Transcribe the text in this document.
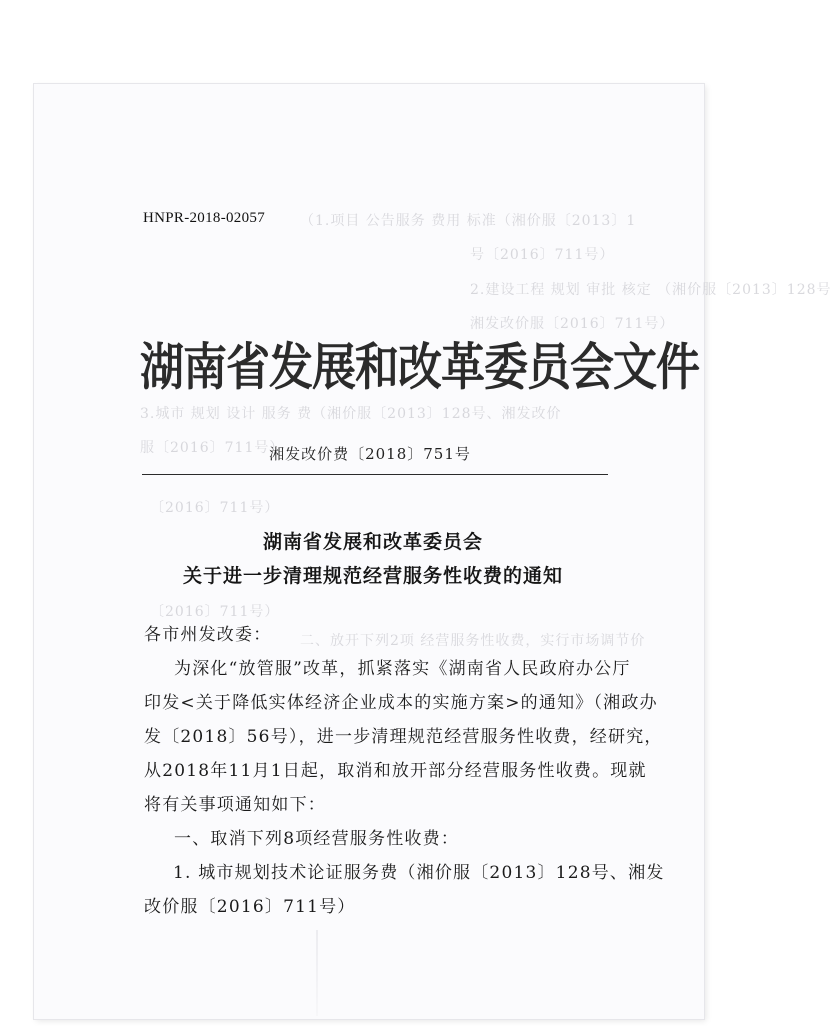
（1.项目 公告服务 费用 标准（湘价服〔2013〕1
号〔2016〕711号）
2.建设工程 规划 审批 核定 （湘价服〔2013〕128号
湘发改价服〔2016〕711号）
3.城市 规划 设计 服务 费（湘价服〔2013〕128号、湘发改价
服〔2016〕711号）
〔2016〕711号）
〔2016〕711号）
二、放开下列2项 经营服务性收费，实行市场调节价
HNPR-2018-02057
湖南省发展和改革委员会文件
湘发改价费〔2018〕751号
湖南省发展和改革委员会
关于进一步清理规范经营服务性收费的通知
各市州发改委：
为深化“放管服”改革，抓紧落实《湖南省人民政府办公厅
印发<关于降低实体经济企业成本的实施方案>的通知》（湘政办
发〔2018〕56号），进一步清理规范经营服务性收费，经研究，
从2018年11月1日起，取消和放开部分经营服务性收费。现就
将有关事项通知如下：
一、取消下列8项经营服务性收费：
1. 城市规划技术论证服务费（湘价服〔2013〕128号、湘发
改价服〔2016〕711号）
